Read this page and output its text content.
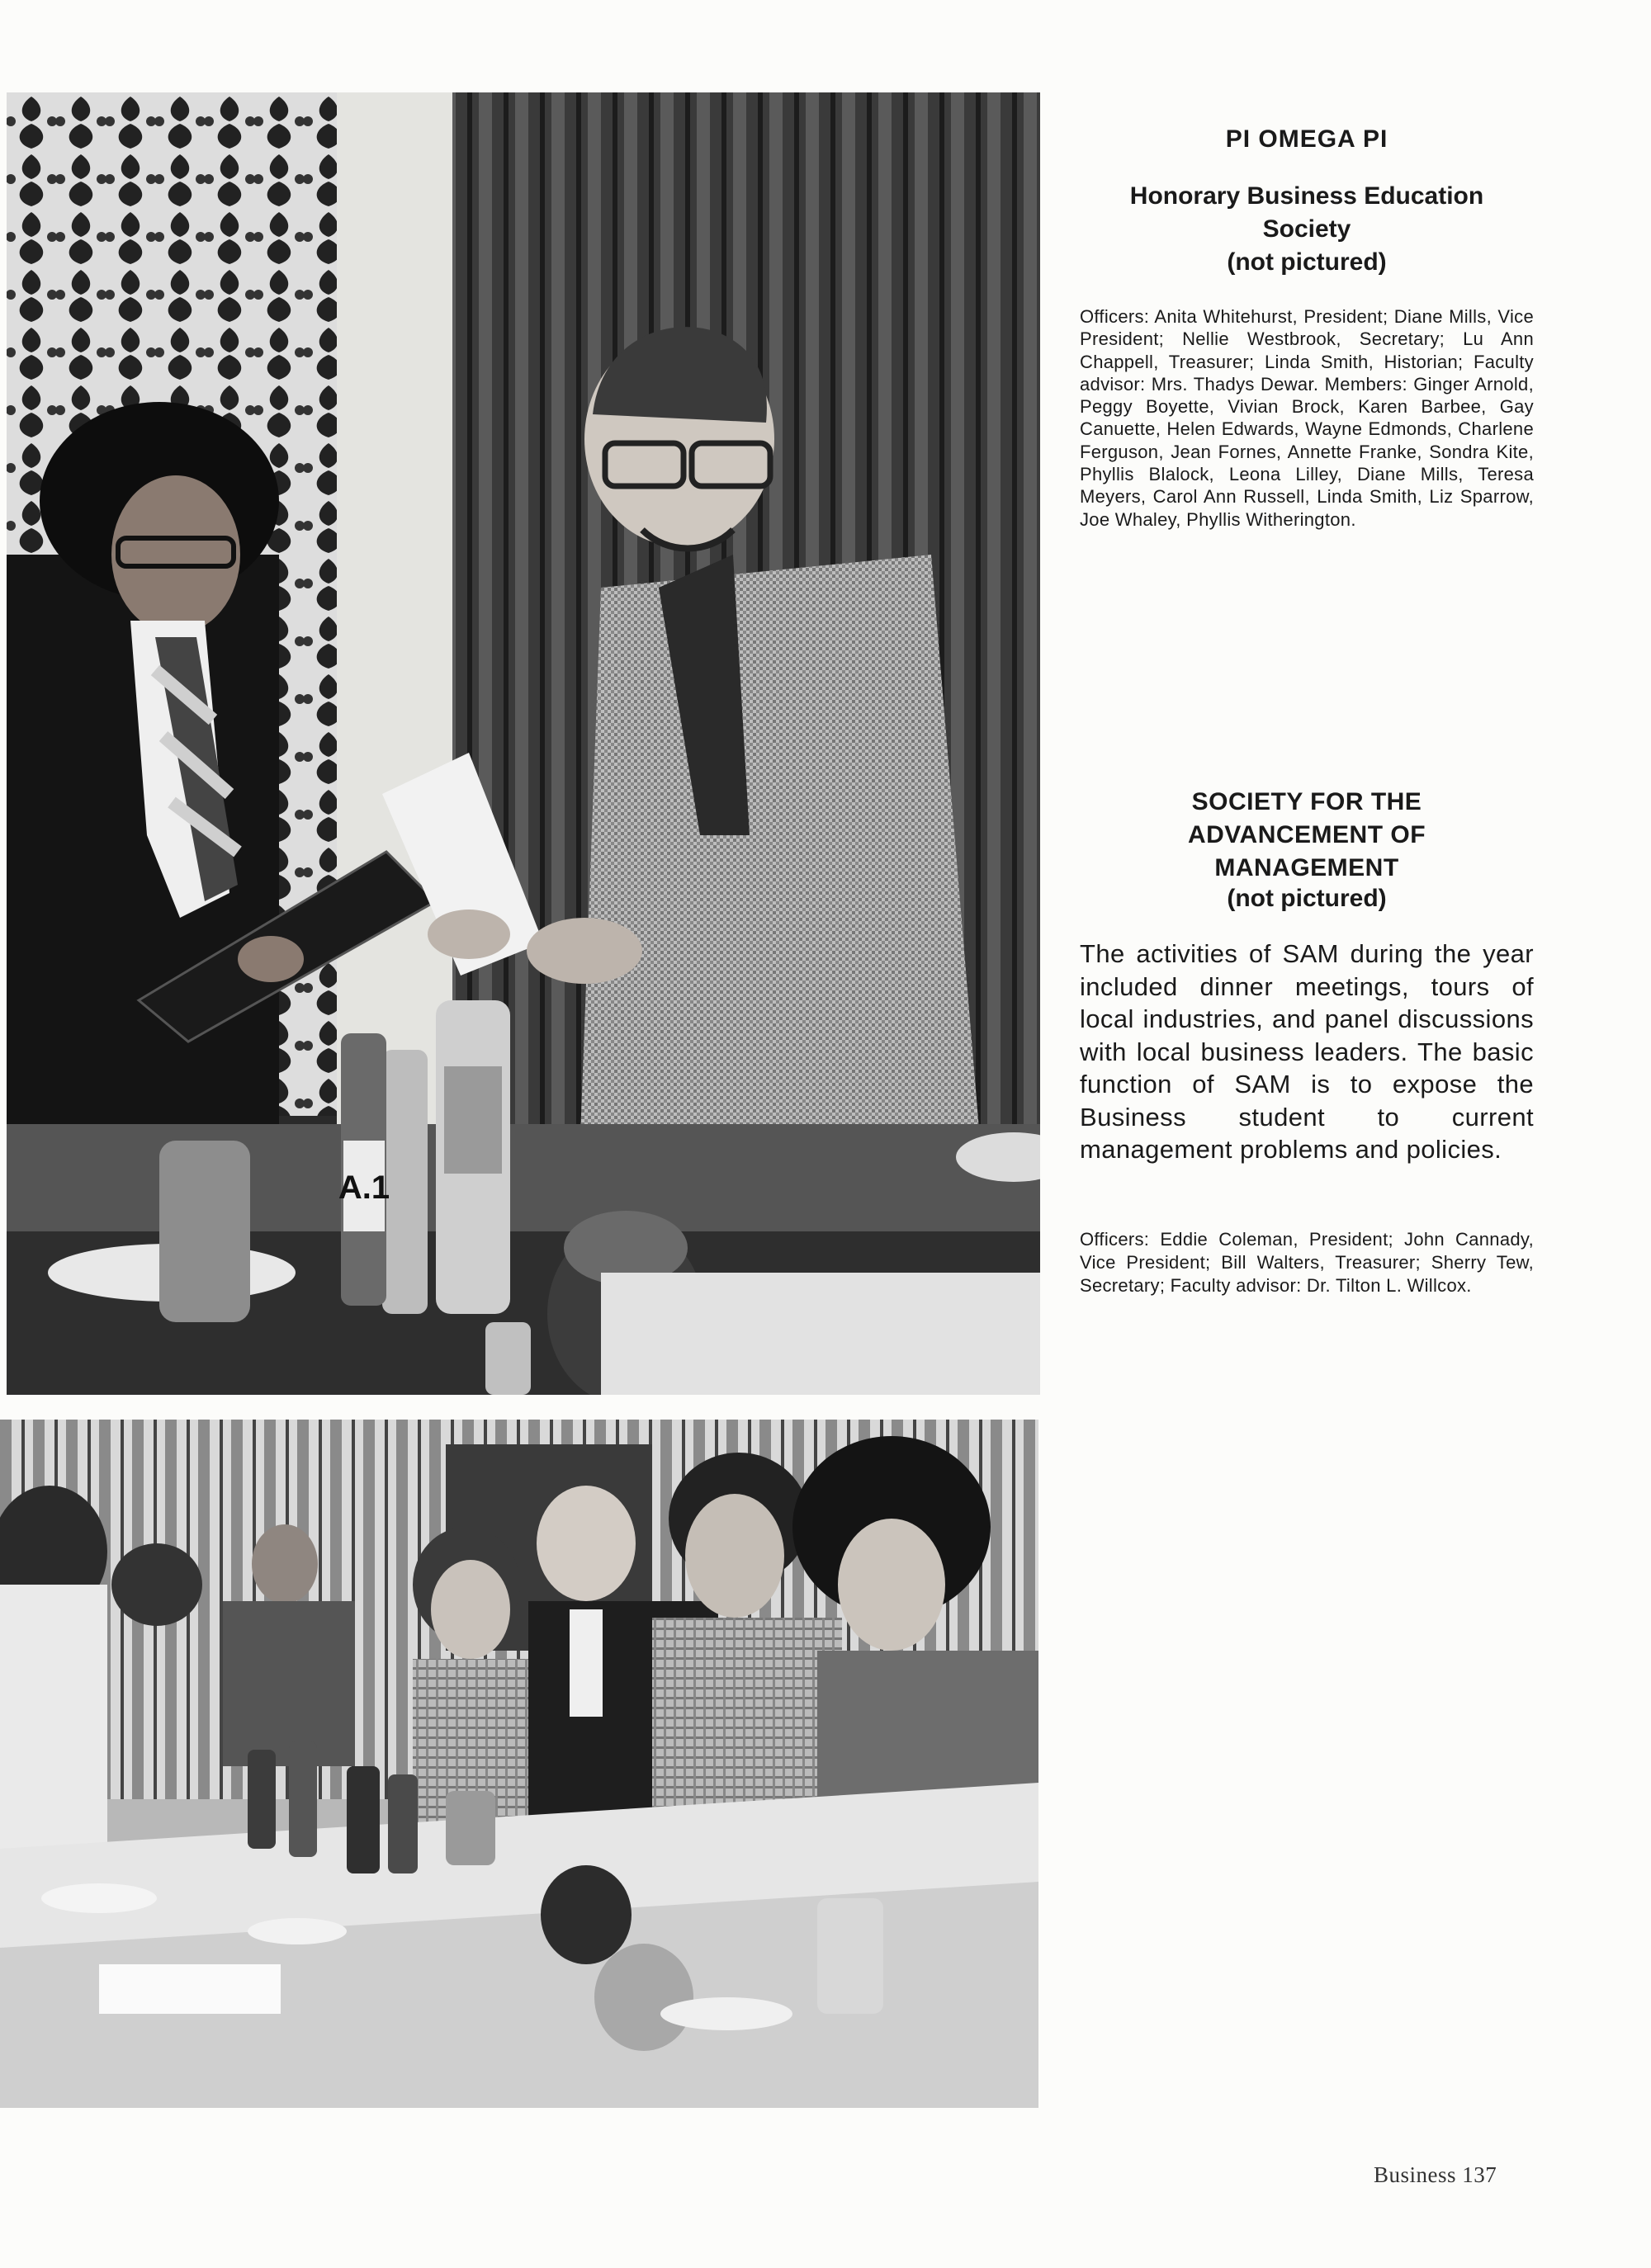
A.1
PI OMEGA PI
Honorary Business Education
Society
(not pictured)

Officers: Anita Whitehurst, President; Diane Mills, Vice President; Nellie Westbrook, Secretary; Lu Ann Chappell, Treasurer; Linda Smith, Historian; Faculty advisor: Mrs. Thadys Dewar. Members: Ginger Arnold, Peggy Boyette, Vivian Brock, Karen Barbee, Gay Canuette, Helen Edwards, Wayne Edmonds, Charlene Ferguson, Jean Fornes, Annette Franke, Sondra Kite, Phyllis Blalock, Leona Lilley, Diane Mills, Teresa Meyers, Carol Ann Russell, Linda Smith, Liz Sparrow, Joe Whaley, Phyllis Witherington.

SOCIETY FOR THE
ADVANCEMENT OF
MANAGEMENT
(not pictured)

The activities of SAM during the year included dinner meetings, tours of local industries, and panel discussions with local business leaders. The basic function of SAM is to expose the Business student to current management problems and policies.

Officers: Eddie Coleman, President; John Cannady, Vice President; Bill Walters, Treasurer; Sherry Tew, Secretary; Faculty advisor: Dr. Tilton L. Willcox.

Business 137
